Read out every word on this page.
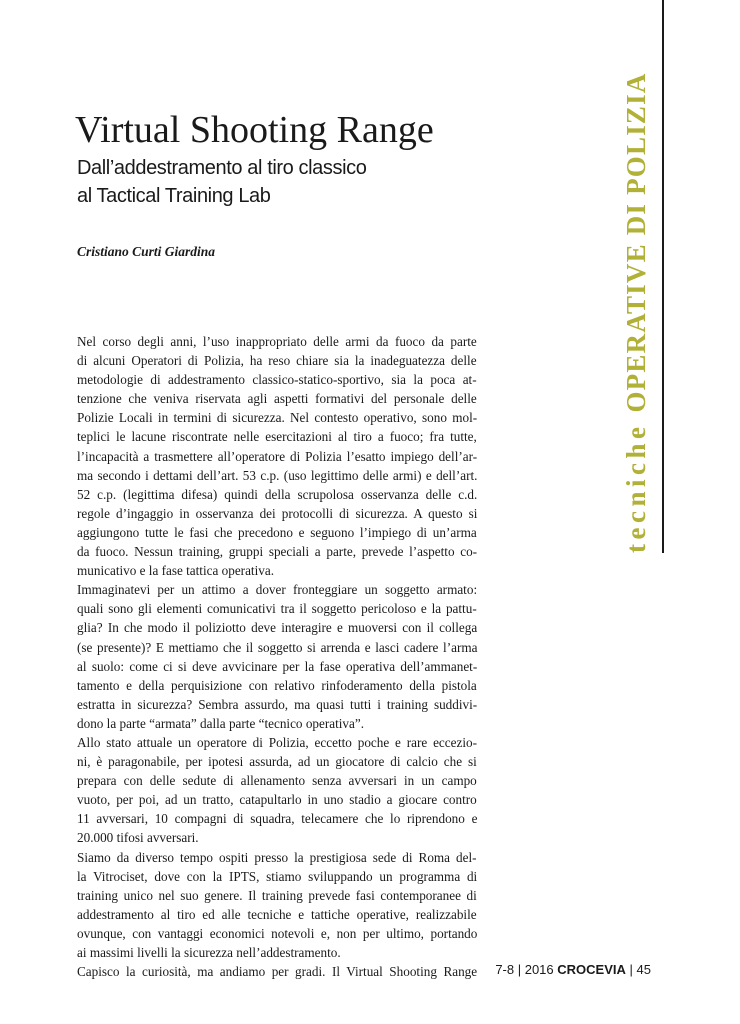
tecnicheOPERATIVE DI POLIZIA
Virtual Shooting Range
Dall’addestramento al tiro classico
al Tactical Training Lab
Cristiano Curti Giardina
Nel corso degli anni, l’uso inappropriato delle armi da fuoco da parte
di alcuni Operatori di Polizia, ha reso chiare sia la inadeguatezza delle
metodologie di addestramento classico-statico-sportivo, sia la poca at-
tenzione che veniva riservata agli aspetti formativi del personale delle
Polizie Locali in termini di sicurezza. Nel contesto operativo, sono mol-
teplici le lacune riscontrate nelle esercitazioni al tiro a fuoco; fra tutte,
l’incapacità a trasmettere all’operatore di Polizia l’esatto impiego dell’ar-
ma secondo i dettami dell’art. 53 c.p. (uso legittimo delle armi) e dell’art.
52 c.p. (legittima difesa) quindi della scrupolosa osservanza delle c.d.
regole d’ingaggio in osservanza dei protocolli di sicurezza. A questo si
aggiungono tutte le fasi che precedono e seguono l’impiego di un’arma
da fuoco. Nessun training, gruppi speciali a parte, prevede l’aspetto co-
municativo e la fase tattica operativa.
Immaginatevi per un attimo a dover fronteggiare un soggetto armato:
quali sono gli elementi comunicativi tra il soggetto pericoloso e la pattu-
glia? In che modo il poliziotto deve interagire e muoversi con il collega
(se presente)? E mettiamo che il soggetto si arrenda e lasci cadere l’arma
al suolo: come ci si deve avvicinare per la fase operativa dell’ammanet-
tamento e della perquisizione con relativo rinfoderamento della pistola
estratta in sicurezza? Sembra assurdo, ma quasi tutti i training suddivi-
dono la parte “armata” dalla parte “tecnico operativa”.
Allo stato attuale un operatore di Polizia, eccetto poche e rare eccezio-
ni, è paragonabile, per ipotesi assurda, ad un giocatore di calcio che si
prepara con delle sedute di allenamento senza avversari in un campo
vuoto, per poi, ad un tratto, catapultarlo in uno stadio a giocare contro
11 avversari, 10 compagni di squadra, telecamere che lo riprendono e
20.000 tifosi avversari.
Siamo da diverso tempo ospiti presso la prestigiosa sede di Roma del-
la Vitrociset, dove con la IPTS, stiamo sviluppando un programma di
training unico nel suo genere. Il training prevede fasi contemporanee di
addestramento al tiro ed alle tecniche e tattiche operative, realizzabile
ovunque, con vantaggi economici notevoli e, non per ultimo, portando
ai massimi livelli la sicurezza nell’addestramento.
Capisco la curiosità, ma andiamo per gradi. Il Virtual Shooting Range 7-8 | 2016 CROCEVIA | 45
